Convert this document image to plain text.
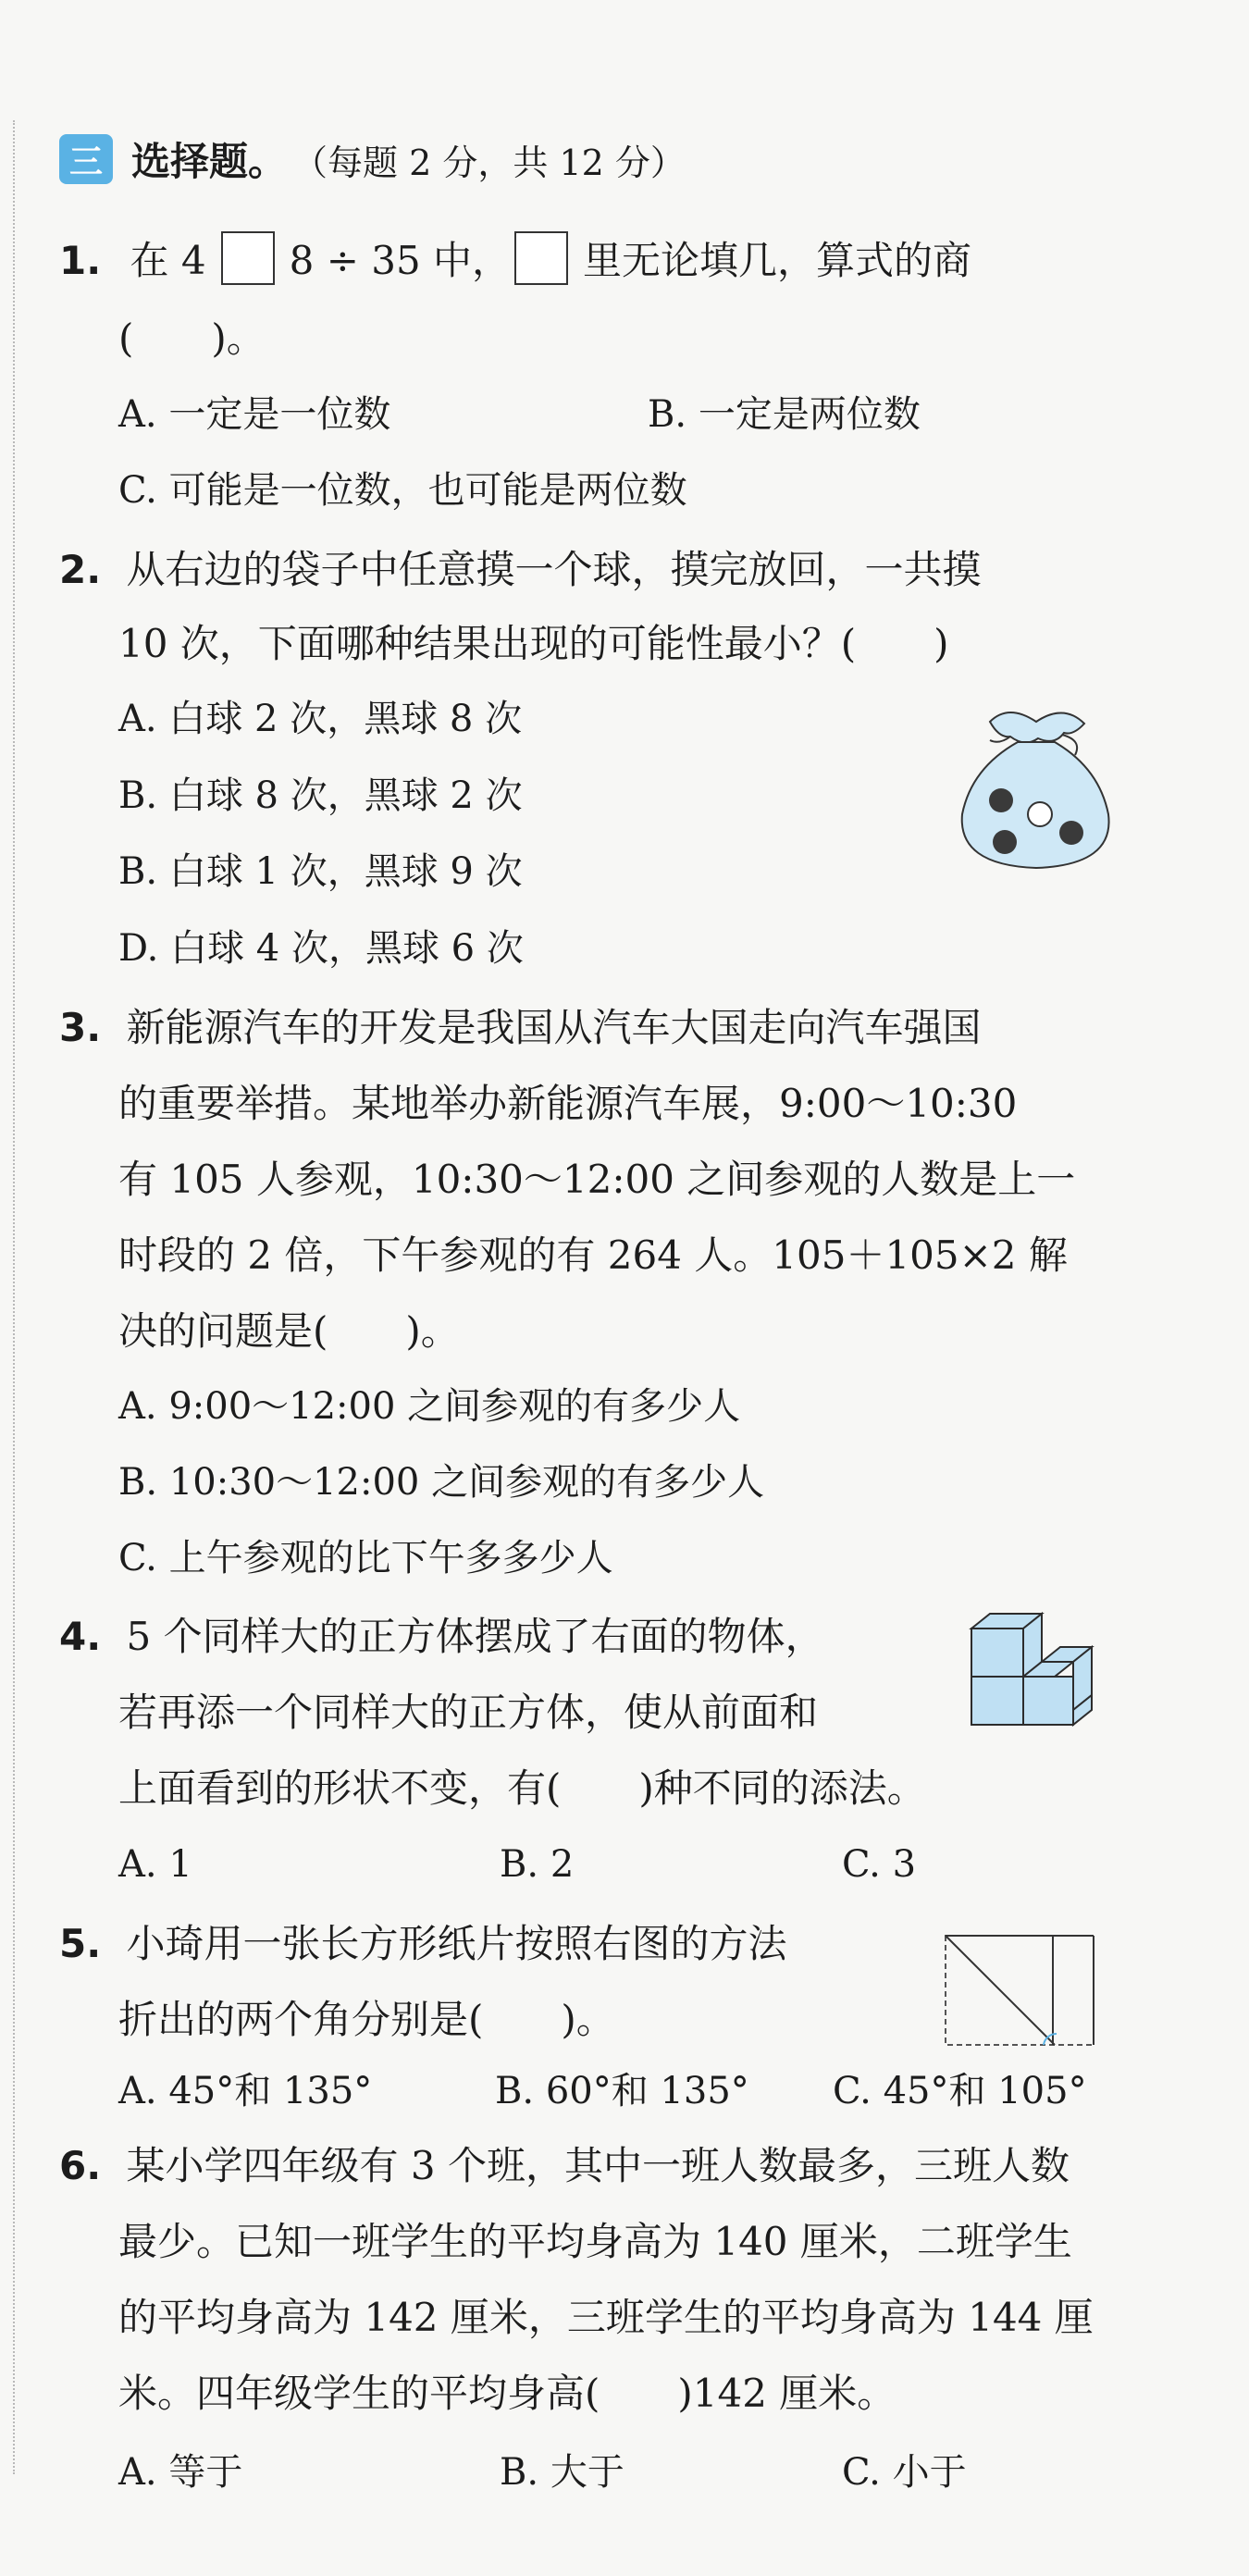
三 选择题。 （每题 2 分，共 12 分）
1. 在 4 8 ÷ 35 中， 里无论填几，算式的商
(　　)。
A. 一定是一位数	B. 一定是两位数
C. 可能是一位数，也可能是两位数
2. 从右边的袋子中任意摸一个球，摸完放回，一共摸
10 次，下面哪种结果出现的可能性最小？(　　)
A. 白球 2 次，黑球 8 次
B. 白球 8 次，黑球 2 次
B. 白球 1 次，黑球 9 次
D. 白球 4 次，黑球 6 次
3. 新能源汽车的开发是我国从汽车大国走向汽车强国
的重要举措。某地举办新能源汽车展，9:00～10:30
有 105 人参观，10:30～12:00 之间参观的人数是上一
时段的 2 倍，下午参观的有 264 人。105＋105×2 解
决的问题是(　　)。
A. 9:00～12:00 之间参观的有多少人
B. 10:30～12:00 之间参观的有多少人
C. 上午参观的比下午多多少人
4. 5 个同样大的正方体摆成了右面的物体，
若再添一个同样大的正方体，使从前面和
上面看到的形状不变，有(　　)种不同的添法。
A. 1	B. 2	C. 3
5. 小琦用一张长方形纸片按照右图的方法
折出的两个角分别是(　　)。
A. 45°和 135°	B. 60°和 135° C. 45°和 105°
6. 某小学四年级有 3 个班，其中一班人数最多，三班人数
最少。已知一班学生的平均身高为 140 厘米，二班学生
的平均身高为 142 厘米，三班学生的平均身高为 144 厘
米。四年级学生的平均身高(　　)142 厘米。
A. 等于	B. 大于	C. 小于
